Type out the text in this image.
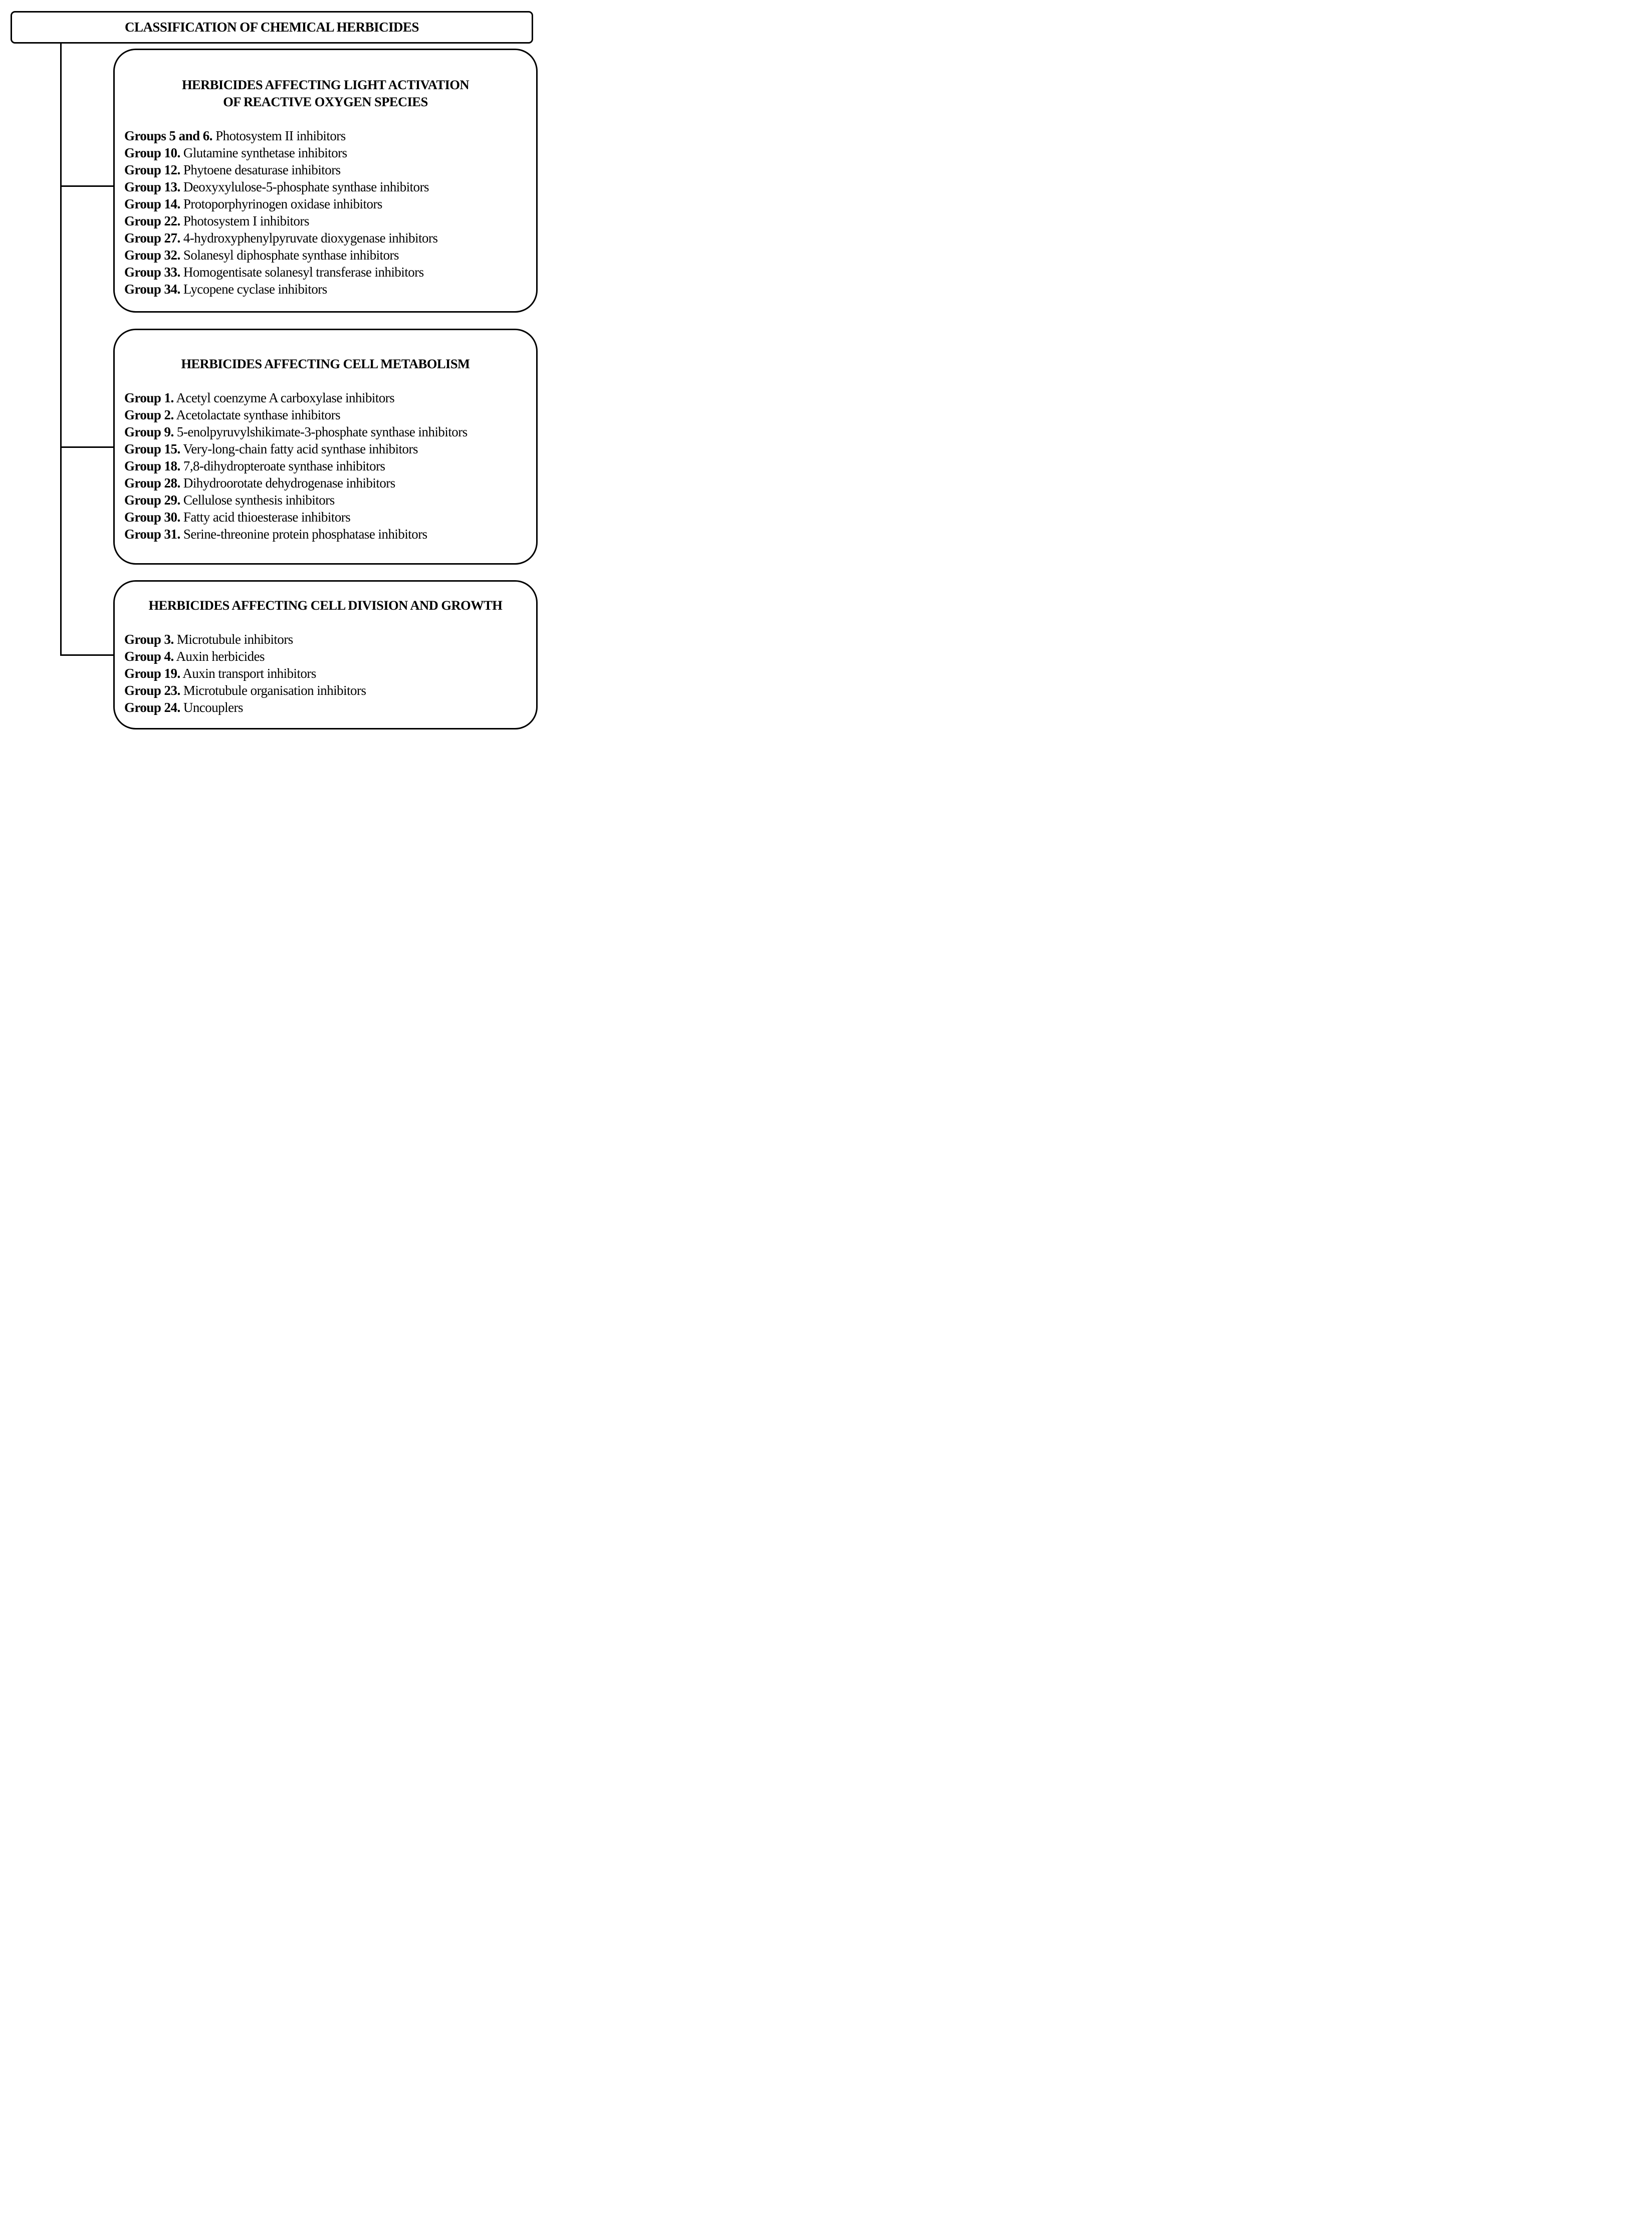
CLASSIFICATION OF CHEMICAL HERBICIDES
HERBICIDES AFFECTING LIGHT ACTIVATION
OF REACTIVE OXYGEN SPECIES
Groups 5 and 6. Photosystem II inhibitors
Group 10. Glutamine synthetase inhibitors
Group 12. Phytoene desaturase inhibitors
Group 13. Deoxyxylulose-5-phosphate synthase inhibitors
Group 14. Protoporphyrinogen oxidase inhibitors
Group 22. Photosystem I inhibitors
Group 27. 4-hydroxyphenylpyruvate dioxygenase inhibitors
Group 32. Solanesyl diphosphate synthase inhibitors
Group 33. Homogentisate solanesyl transferase inhibitors
Group 34. Lycopene cyclase inhibitors
HERBICIDES AFFECTING CELL METABOLISM
Group 1. Acetyl coenzyme A carboxylase inhibitors
Group 2. Acetolactate synthase inhibitors
Group 9. 5-enolpyruvylshikimate-3-phosphate synthase inhibitors
Group 15. Very-long-chain fatty acid synthase inhibitors
Group 18. 7,8-dihydropteroate synthase inhibitors
Group 28. Dihydroorotate dehydrogenase inhibitors
Group 29. Cellulose synthesis inhibitors
Group 30. Fatty acid thioesterase inhibitors
Group 31. Serine-threonine protein phosphatase inhibitors
HERBICIDES AFFECTING CELL DIVISION AND GROWTH
Group 3. Microtubule inhibitors
Group 4. Auxin herbicides
Group 19. Auxin transport inhibitors
Group 23. Microtubule organisation inhibitors
Group 24. Uncouplers
